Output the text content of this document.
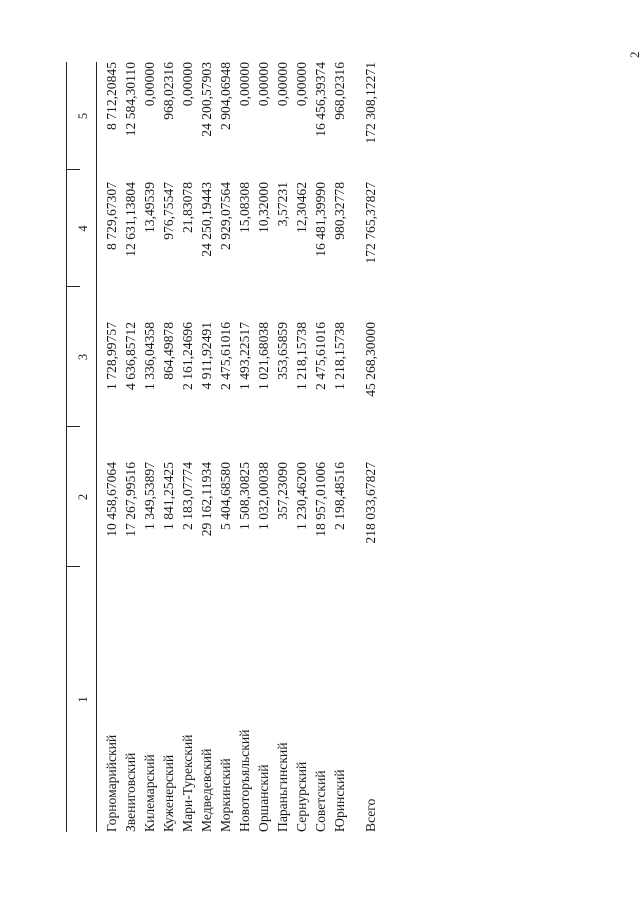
2
1
2
3
4
5
Горномарийский
10 458,67064
1 728,99757
8 729,67307
8 712,20845
Звениговский
17 267,99516
4 636,85712
12 631,13804
12 584,30110
Килемарский
1 349,53897
1 336,04358
13,49539
0,00000
Куженерский
1 841,25425
864,49878
976,75547
968,02316
Мари-Турекский
2 183,07774
2 161,24696
21,83078
0,00000
Медведевский
29 162,11934
4 911,92491
24 250,19443
24 200,57903
Моркинский
5 404,68580
2 475,61016
2 929,07564
2 904,06948
Новоторъяльский
1 508,30825
1 493,22517
15,08308
0,00000
Оршанский
1 032,00038
1 021,68038
10,32000
0,00000
Параньгинский
357,23090
353,65859
3,57231
0,00000
Сернурский
1 230,46200
1 218,15738
12,30462
0,00000
Советский
18 957,01006
2 475,61016
16 481,39990
16 456,39374
Юринский
2 198,48516
1 218,15738
980,32778
968,02316
Всего
218 033,67827
45 268,30000
172 765,37827
172 308,12271
